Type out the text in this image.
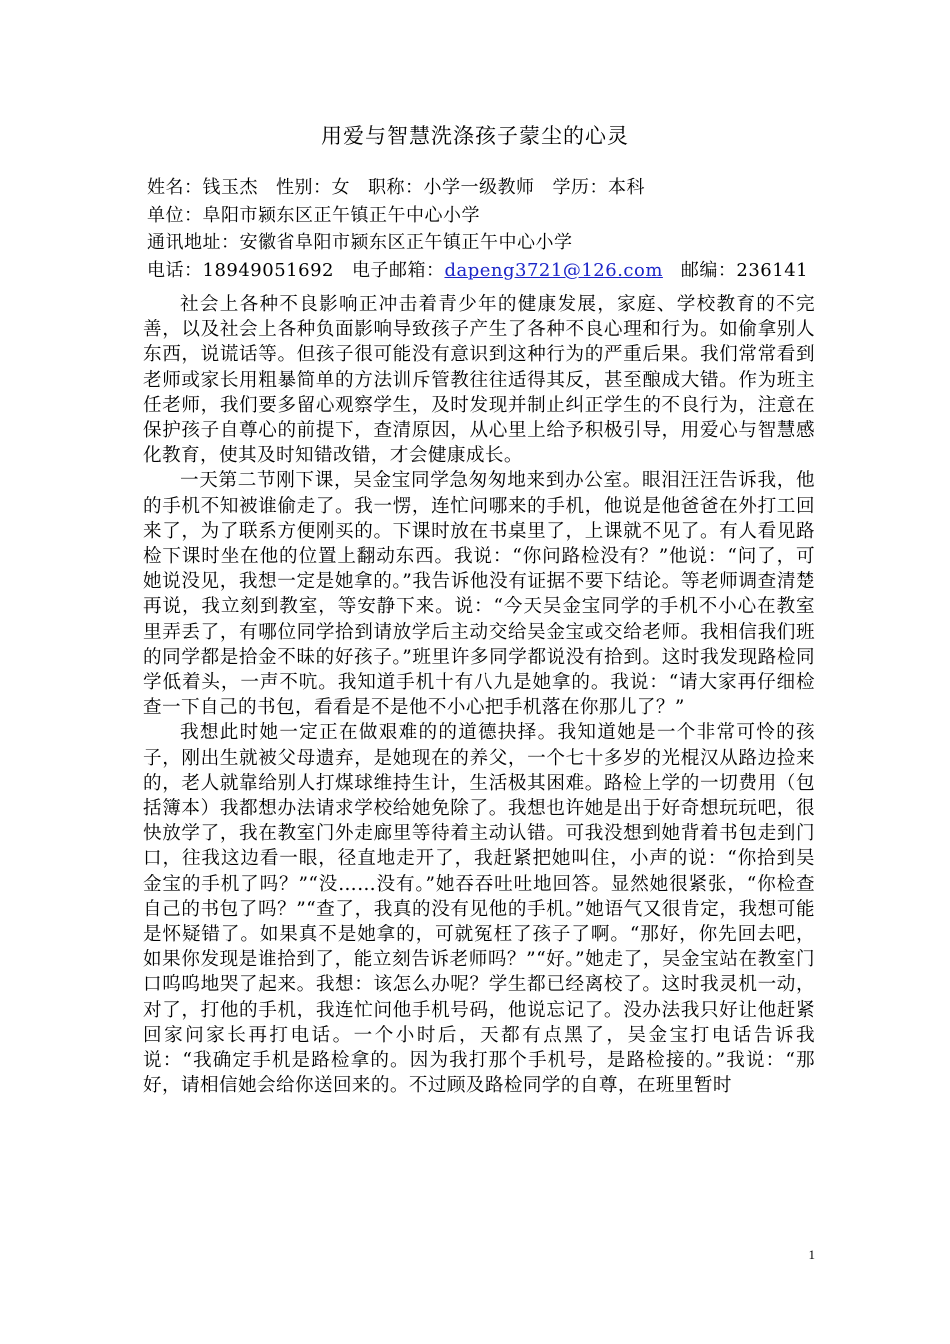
用爱与智慧洗涤孩子蒙尘的心灵
姓名：钱玉杰 性别：女 职称：小学一级教师 学历：本科
单位：阜阳市颍东区正午镇正午中心小学
通讯地址：安徽省阜阳市颍东区正午镇正午中心小学
电话：18949051692 电子邮箱：dapeng3721@126.com 邮编：236141

社会上各种不良影响正冲击着青少年的健康发展，家庭、学校教育的不完善，以及社会上各种负面影响导致孩子产生了各种不良心理和行为。如偷拿别人东西，说谎话等。但孩子很可能没有意识到这种行为的严重后果。我们常常看到老师或家长用粗暴简单的方法训斥管教往往适得其反，甚至酿成大错。作为班主任老师，我们要多留心观察学生，及时发现并制止纠正学生的不良行为，注意在保护孩子自尊心的前提下，查清原因，从心里上给予积极引导，用爱心与智慧感化教育，使其及时知错改错，才会健康成长。

一天第二节刚下课，吴金宝同学急匆匆地来到办公室。眼泪汪汪告诉我，他的手机不知被谁偷走了。我一愣，连忙问哪来的手机，他说是他爸爸在外打工回来了，为了联系方便刚买的。下课时放在书桌里了，上课就不见了。有人看见路检下课时坐在他的位置上翻动东西。我说：“你问路检没有？”他说：“问了，可她说没见，我想一定是她拿的。”我告诉他没有证据不要下结论。等老师调查清楚再说，我立刻到教室，等安静下来。说：“今天吴金宝同学的手机不小心在教室里弄丢了，有哪位同学拾到请放学后主动交给吴金宝或交给老师。我相信我们班的同学都是拾金不昧的好孩子。”班里许多同学都说没有拾到。这时我发现路检同学低着头，一声不吭。我知道手机十有八九是她拿的。我说：“请大家再仔细检查一下自己的书包，看看是不是他不小心把手机落在你那儿了？”

我想此时她一定正在做艰难的的道德抉择。我知道她是一个非常可怜的孩子，刚出生就被父母遗弃，是她现在的养父，一个七十多岁的光棍汉从路边捡来的，老人就靠给别人打煤球维持生计，生活极其困难。路检上学的一切费用（包括簿本）我都想办法请求学校给她免除了。我想也许她是出于好奇想玩玩吧，很快放学了，我在教室门外走廊里等待着主动认错。可我没想到她背着书包走到门口，往我这边看一眼，径直地走开了，我赶紧把她叫住，小声的说：“你拾到吴金宝的手机了吗？”“没……没有。”她吞吞吐吐地回答。显然她很紧张，“你检查自己的书包了吗？”“查了，我真的没有见他的手机。”她语气又很肯定，我想可能是怀疑错了。如果真不是她拿的，可就冤枉了孩子了啊。“那好，你先回去吧，如果你发现是谁拾到了，能立刻告诉老师吗？”“好。”她走了，吴金宝站在教室门口呜呜地哭了起来。我想：该怎么办呢？学生都已经离校了。这时我灵机一动，对了，打他的手机，我连忙问他手机号码，他说忘记了。没办法我只好让他赶紧回家问家长再打电话。一个小时后，天都有点黑了，吴金宝打电话告诉我说：“我确定手机是路检拿的。因为我打那个手机号，是路检接的。”我说：“那好，请相信她会给你送回来的。不过顾及路检同学的自尊，在班里暂时

1
